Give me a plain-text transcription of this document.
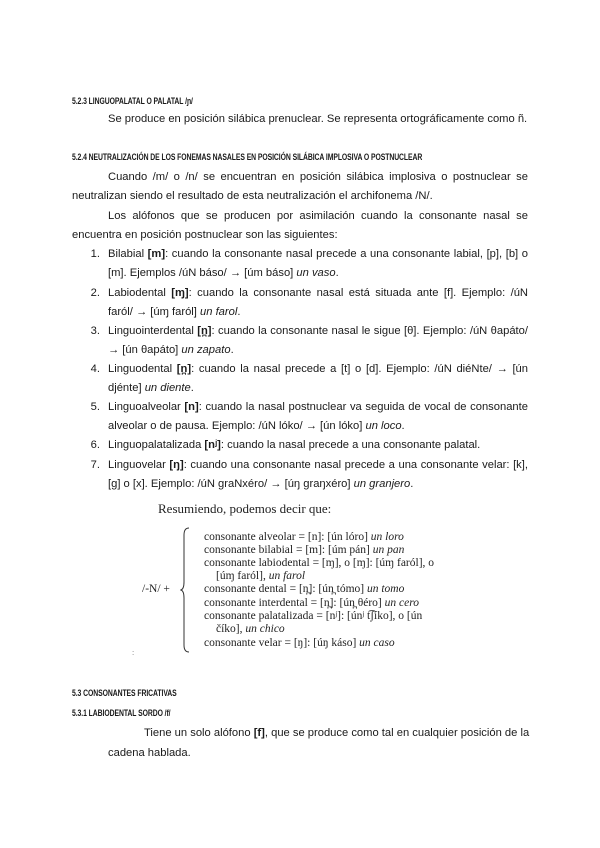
5.2.3 LINGUOPALATAL O PALATAL /ɲ/
Se produce en posición silábica prenuclear. Se representa ortográficamente como ñ.
5.2.4 NEUTRALIZACIÓN DE LOS FONEMAS NASALES EN POSICIÓN SILÁBICA IMPLOSIVA O POSTNUCLEAR
Cuando /m/ o /n/ se encuentran en posición silábica implosiva o postnuclear se
neutralizan siendo el resultado de esta neutralización el archifonema /N/.
Los alófonos que se producen por asimilación cuando la consonante nasal se
encuentra en posición postnuclear son las siguientes:
1. Bilabial [m]: cuando la consonante nasal precede a una consonante labial, [p], [b] o
[m]. Ejemplos /úN báso/ → [úm báso] un vaso.
2. Labiodental [ɱ]: cuando la consonante nasal está situada ante [f]. Ejemplo: /úN
faról/ → [úɱ faról] un farol.
3. Linguointerdental [n̪]: cuando la consonante nasal le sigue [θ]. Ejemplo: /úN θapáto/
→ [ún θapáto] un zapato.
4. Linguodental [n̪]: cuando la nasal precede a [t] o [d]. Ejemplo: /úN diéNte/ → [ún
djénte] un diente.
5. Linguoalveolar [n]: cuando la nasal postnuclear va seguida de vocal de consonante
alveolar o de pausa. Ejemplo: /úN lóko/ → [ún lóko] un loco.
6. Linguopalatalizada [nʲ]: cuando la nasal precede a una consonante palatal.
7. Linguovelar [ŋ]: cuando una consonante nasal precede a una consonante velar: [k],
[g] o [x]. Ejemplo: /úN graNxéro/ → [úŋ graŋxéro] un granjero.
Resumiendo, podemos decir que:
/-N/ +
consonante alveolar = [n]: [ún lóro] un loro
consonante bilabial = [m]: [úm pán] un pan
consonante labiodental = [ɱ], o [ɱ]: [úɱ faról], o
[úɱ faról], un farol
consonante dental = [n̪]: [ún̪ tómo] un tomo
consonante interdental = [n̪]: [ún̪ θéro] un cero
consonante palatalizada = [nʲ]: [únʲ t͡ʃíko], o [ún
číko], un chico
consonante velar = [ŋ]: [úŋ káso] un caso
:
5.3 CONSONANTES FRICATIVAS
5.3.1 LABIODENTAL SORDO /f/
Tiene un solo alófono [f], que se produce como tal en cualquier posición de la
cadena hablada.
